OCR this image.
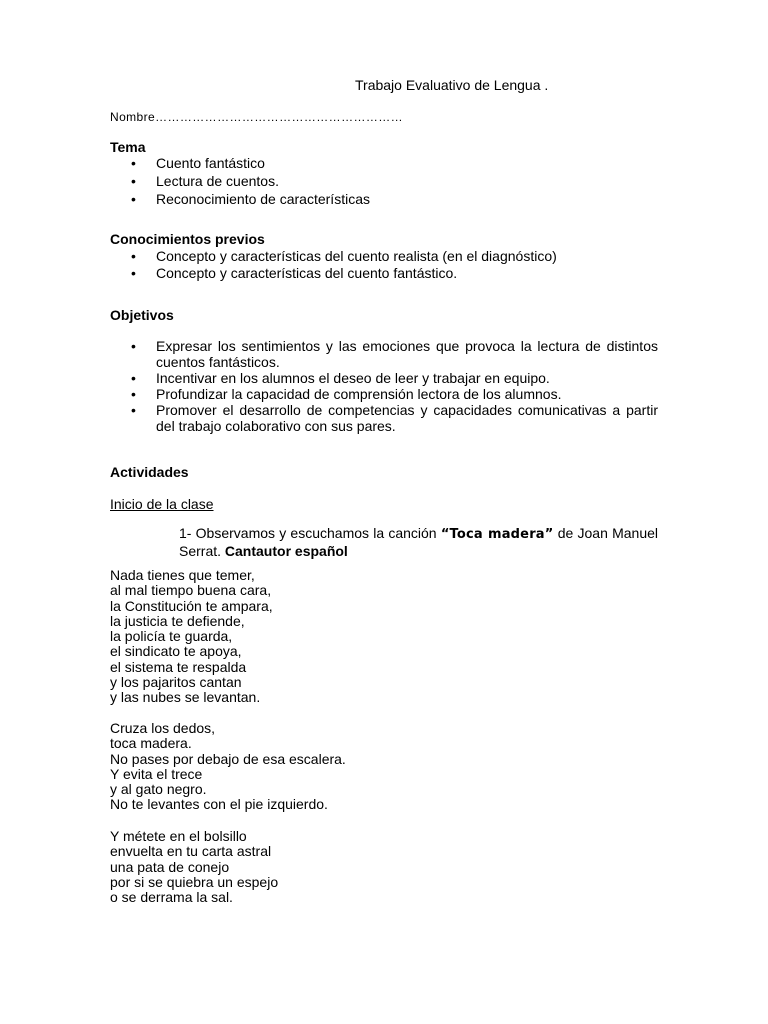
Trabajo Evaluativo de Lengua .
Nombre……………………………………………………
Tema
• Cuento fantástico
• Lectura de cuentos.
• Reconocimiento de características
Conocimientos previos
• Concepto y características del cuento realista (en el diagnóstico)
• Concepto y características del cuento fantástico.
Objetivos
• Expresar los sentimientos y las emociones que provoca la lectura de distintos cuentos fantásticos.
• Incentivar en los alumnos el deseo de leer y trabajar en equipo.
• Profundizar la capacidad de comprensión lectora de los alumnos.
• Promover el desarrollo de competencias y capacidades comunicativas a partir del trabajo colaborativo con sus pares.
Actividades
Inicio de la clase
1- Observamos y escuchamos la canción “Toca madera” de Joan Manuel Serrat. Cantautor español
Nada tienes que temer,
al mal tiempo buena cara,
la Constitución te ampara,
la justicia te defiende,
la policía te guarda,
el sindicato te apoya,
el sistema te respalda
y los pajaritos cantan
y las nubes se levantan.
Cruza los dedos,
toca madera.
No pases por debajo de esa escalera.
Y evita el trece
y al gato negro.
No te levantes con el pie izquierdo.
Y métete en el bolsillo
envuelta en tu carta astral
una pata de conejo
por si se quiebra un espejo
o se derrama la sal.
